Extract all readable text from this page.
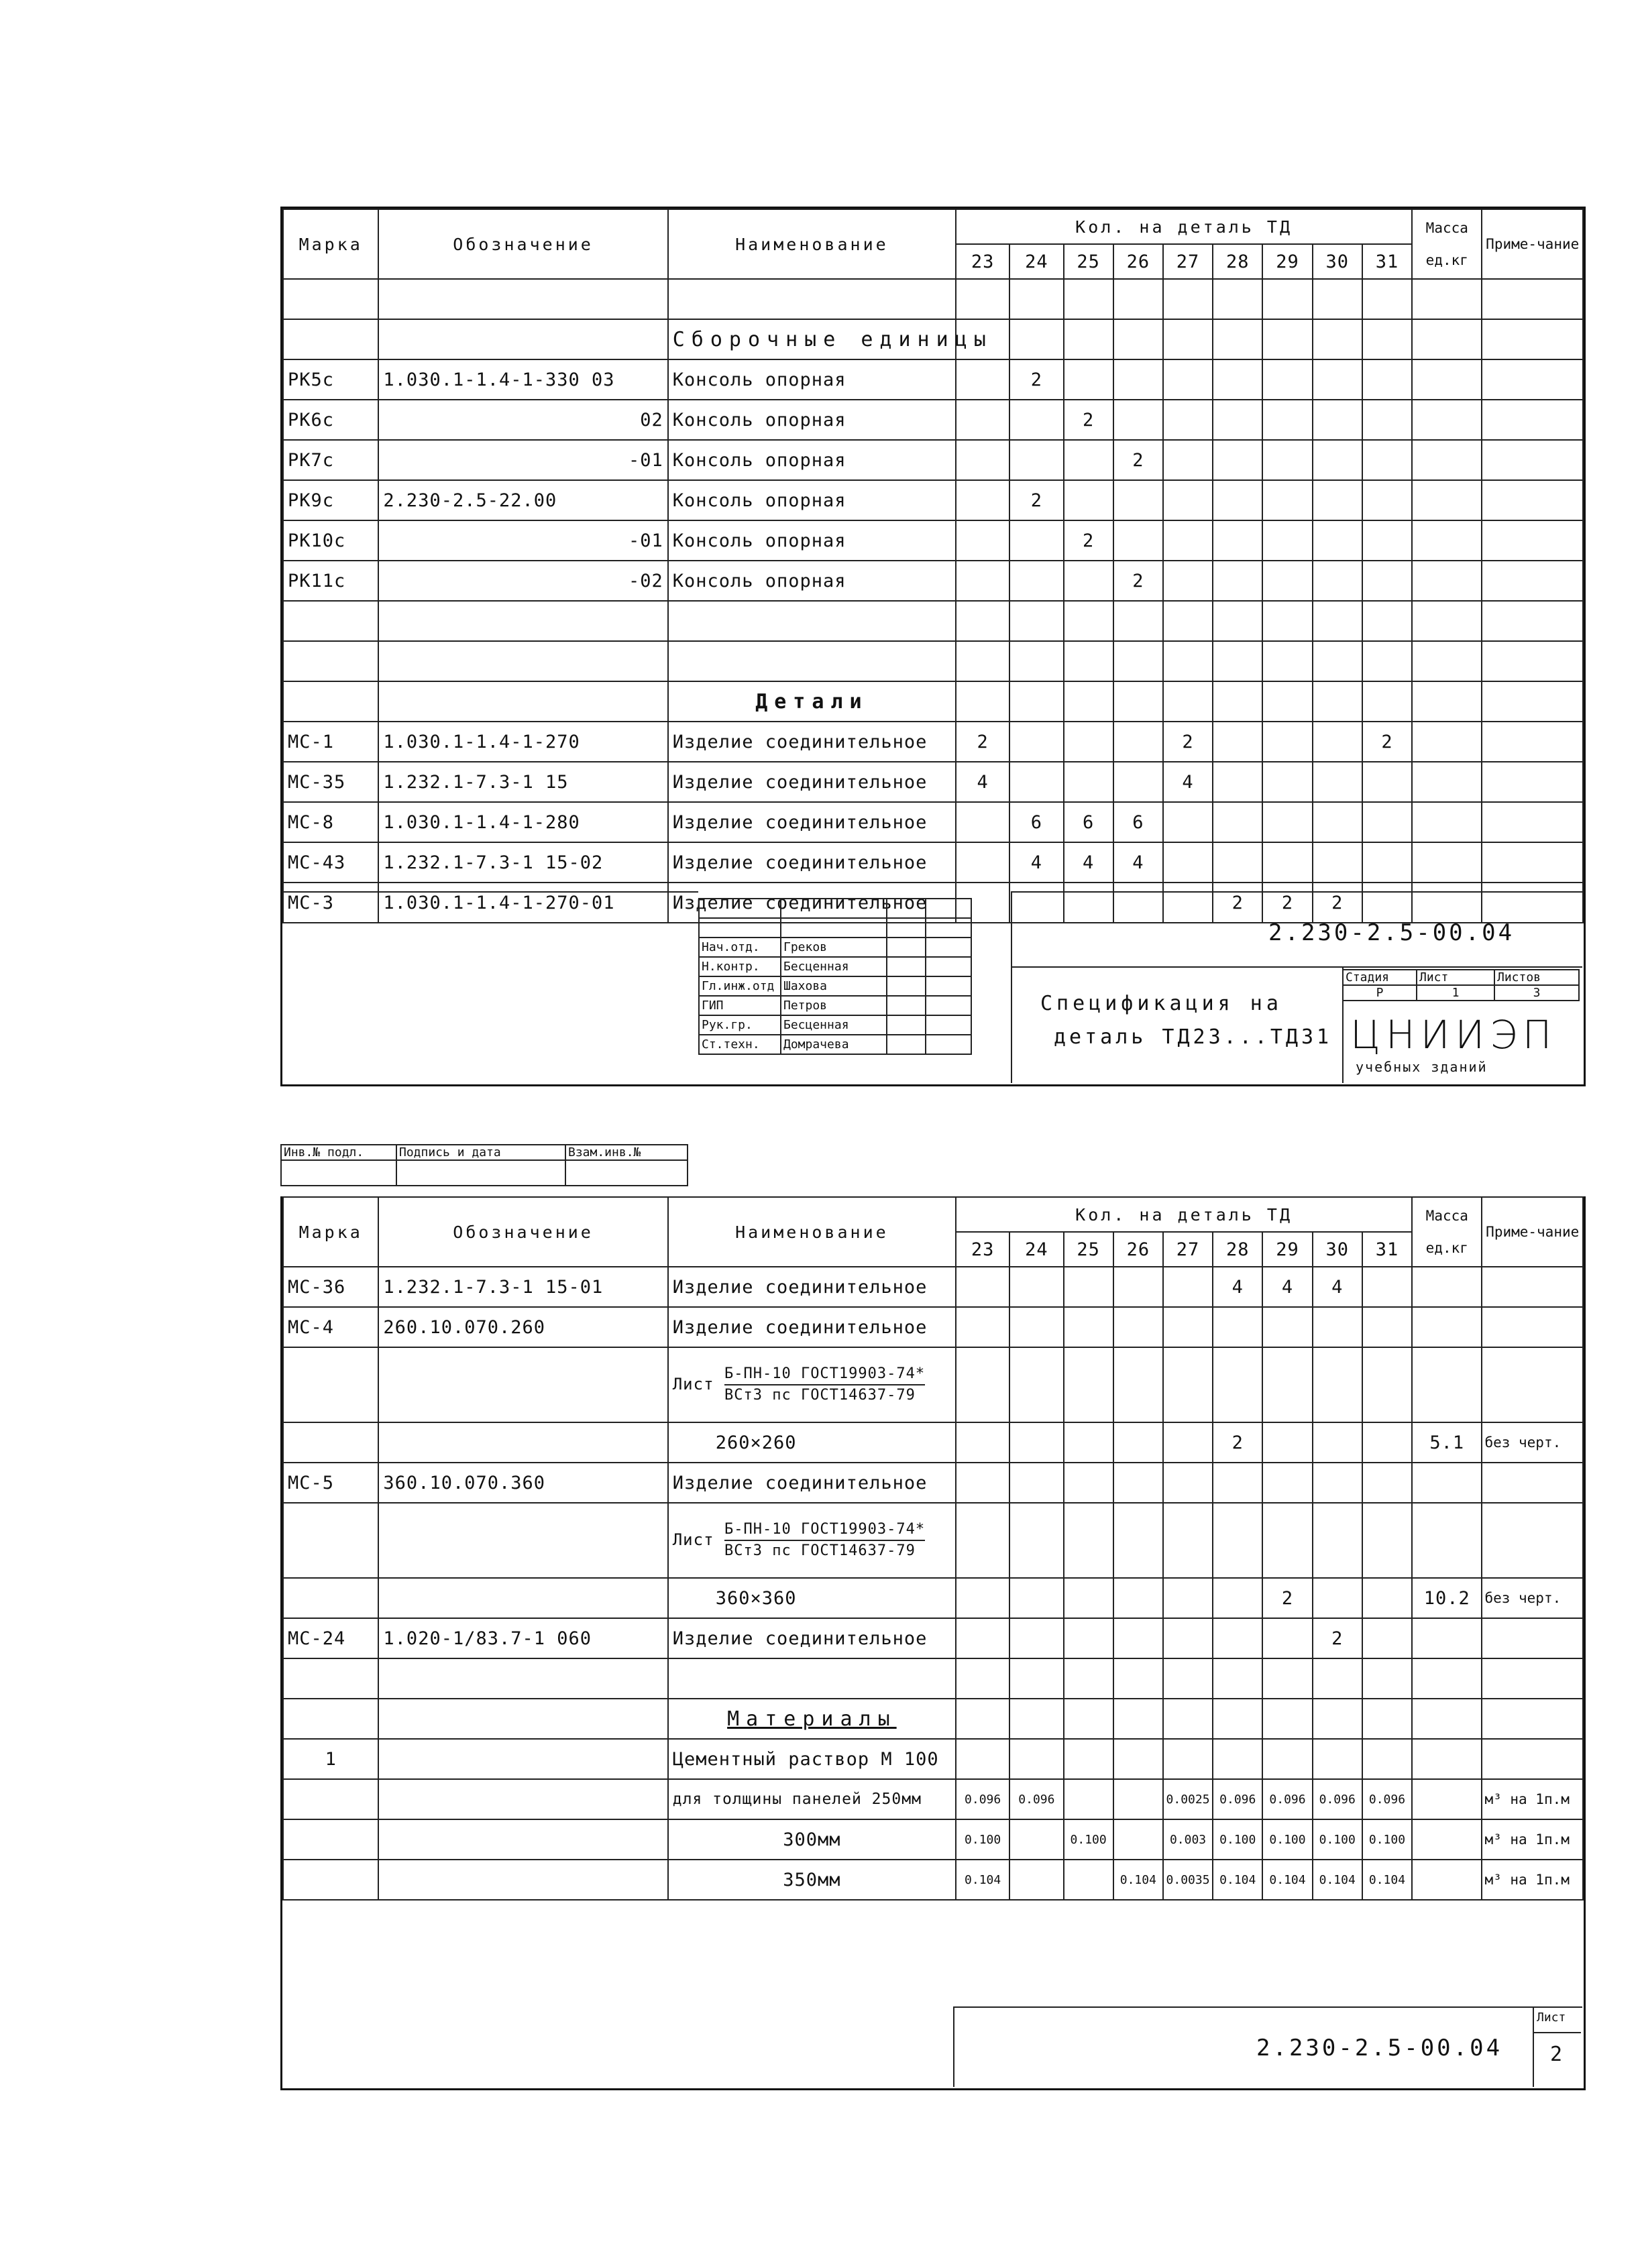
Марка	Обозначение	Наименование	Кол. на деталь ТД									Масса ед.кг	Приме-чание
			23	24	25	26	27	28	29	30	31		

		Сборочные единицы											
РК5с	1.030.1-1.4-1-330 03	Консоль опорная		2									
РК6с	02	Консоль опорная			2								
РК7с	-01	Консоль опорная				2							
РК9с	2.230-2.5-22.00	Консоль опорная		2									
РК10с	-01	Консоль опорная			2								
РК11с	-02	Консоль опорная				2							

		Детали											
МС-1	1.030.1-1.4-1-270	Изделие соединительное	2				2				2		
МС-35	1.232.1-7.3-1 15	Изделие соединительное	4				4						
МС-8	1.030.1-1.4-1-280	Изделие соединительное		6	6	6							
МС-43	1.232.1-7.3-1 15-02	Изделие соединительное		4	4	4							
МС-3	1.030.1-1.4-1-270-01	Изделие соединительное						2	2	2			

Нач.отд.	Греков		
Н.контр.	Бесценная		
Гл.инж.отд	Шахова		
ГИП	Петров		
Рук.гр.	Бесценная		
Ст.техн.	Домрачева		
2.230-2.5-00.04
Спецификация на
деталь ТД23...ТД31
Стадия	Лист	Листов
Р	1	3
ЦНИИЭП
учебных зданий
Инв.№ подл.	Подпись и дата	Взам.инв.№

Марка	Обозначение	Наименование	Кол. на деталь ТД									Масса ед.кг	Приме-чание
			23	24	25	26	27	28	29	30	31		
МС-36	1.232.1-7.3-1 15-01	Изделие соединительное						4	4	4			
МС-4	260.10.070.260	Изделие соединительное											
		Лист $\frac{\text{Б-ПН-10 ГОСТ19903-74*}}{\text{ВСт3 пс ГОСТ14637-79}}$											
		260×260						2				5.1	без черт.
МС-5	360.10.070.360	Изделие соединительное											
		Лист $\frac{\text{Б-ПН-10 ГОСТ19903-74*}}{\text{ВСт3 пс ГОСТ14637-79}}$											
		360×360							2			10.2	без черт.
МС-24	1.020-1/83.7-1 060	Изделие соединительное								2			

		Материалы											
1		Цементный раствор М 100											
		для толщины панелей 250мм	0.096	0.096			0.0025	0.096	0.096	0.096	0.096		м³ на 1п.м
		300мм	0.100		0.100		0.003	0.100	0.100	0.100	0.100		м³ на 1п.м
		350мм	0.104			0.104	0.0035	0.104	0.104	0.104	0.104		м³ на 1п.м
2.230-2.5-00.04
Лист
2
